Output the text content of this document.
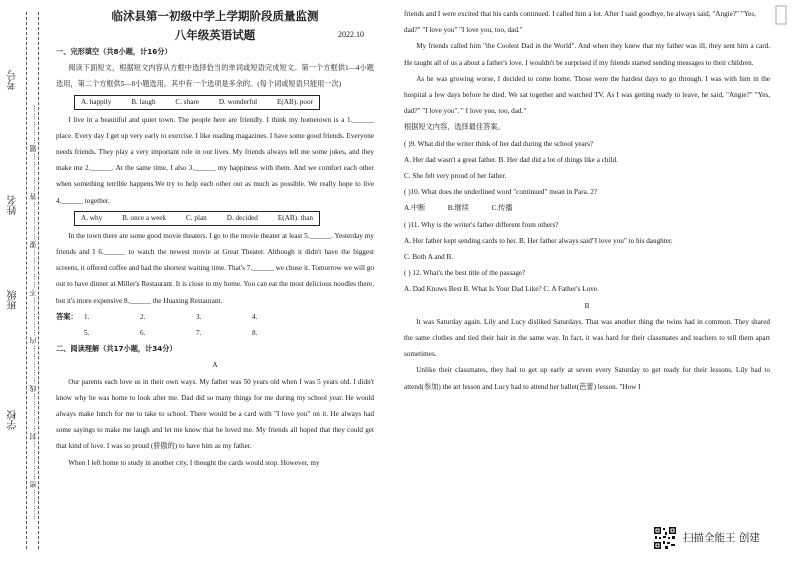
考号
姓名
班级
学校 …………密……………封……………线……………内……………不……………要……………答……………题……………
临沭县第一初级中学上学期阶段质量监测
八年级英语试题	2022.10
一、完形填空（共8小题，计16分）

阅读下面短文，根据短文内容从方框中选择恰当的单词或短语完成短文。第一个方框供1—4小题选用，第二个方框供5—8小题选用。其中有一个选项是多余的。(每个词或短语只能用一次)

A. happily	B. laugh	C. share	D. wonderful	E(AB). poor

I live in a beautiful and quiet town. The people here are friendly. I think my hometown is a 1.______ place. Every day I get up very early to exercise. I like reading magazines. I have some good friends. Everyone needs friends. They play a very important role in our lives. My friends always tell me some jokes, and they make me 2.______. At the same time, I also 3.______ my happiness with them. And we comfort each other when something terrible happens.We try to help each other out as much as possible. We really hope to live 4.______ together.

A. why	B. once a week	C. plan	D. decided	E(AB). than

In the town there are some good movie theaters. I go to the movie theater at least 5.______. Yesterday my friends and I 6.______ to watch the newest movie at Great Theater. Although it didn't have the biggest screens, it offered coffee and had the shortest waiting time. That's 7.______ we chose it. Tomorrow we will go out to have dinner at Miller's Restaurant. It is close to my home. You can eat the most delicious noodles there, but it's more expensive 8.______ the Huaxing Restaurant.

答案： 1.	2.	3.	4.
5.	6.	7.	8.
二、阅读理解（共17小题，计34分）
A

Our parents each love us in their own ways. My father was 50 years old when I was 5 years old. I didn't know why he was home to look after me. Dad did so many things for me during my school year. He would always make lunch for me to take to school. There would be a card with "I love you" on it. He always had some sayings to make me laugh and let me know that he loved me. My friends all hoped that they could get that kind of love. I was so proud (骄傲的) to have him as my father.

When I left home to study in another city, I thought the cards would stop. However, my

friends and I were excited that his cards continued. I called him a lot. After I said goodbye, he always said, "Angie?" "Yes, dad?" "I love you" "I love you, too, dad."

My friends called him "the Coolest Dad in the World". And when they knew that my father was ill, they sent him a card. He taught all of us a about a father's love. I wouldn't be surprised if my friends started sending messages to their children.

As he was growing worse, I decided to come home. Those were the hardest days to go through. I was with him in the hospital a few days before he died. We sat together and watched TV. As I was getting ready to leave, he said, "Angie?" "Yes, dad?" "I love you". " I love you, too, dad."

根据短文内容，选择最佳答案。

( )9. What did the writer think of her dad during the school years?

A. Her dad wasn't a great father. B. Her dad did a lot of things like a child.

C. She felt very proud of her father.

( )10. What does the underlined word "continued" mean in Para. 2?

A.中断	B.继续	C.传播

( )11. Why is the writer's father different from others?

A. Her father kept sending cards to her. B. Her father always said"I love you" to his daughter.

C. Both A and B.

( ) 12. What's the best title of the passage?

A. Dad Knows Best B. What Is Your Dad Like? C. A Father's Love.

B

It was Saturday again. Lily and Lucy disliked Saturdays. That was another thing the twins had in common. They shared the same clothes and tied their hair in the same way. In fact, it was hard for their classmates and teachers to tell them apart sometimes.

Unlike their classmates, they had to get up early at seven every Saturday to get ready for their lessons. Lily had to attend(参加) the art lesson and Lucy had to attend her ballet(芭蕾) lesson. "How I

扫描全能王 创建
